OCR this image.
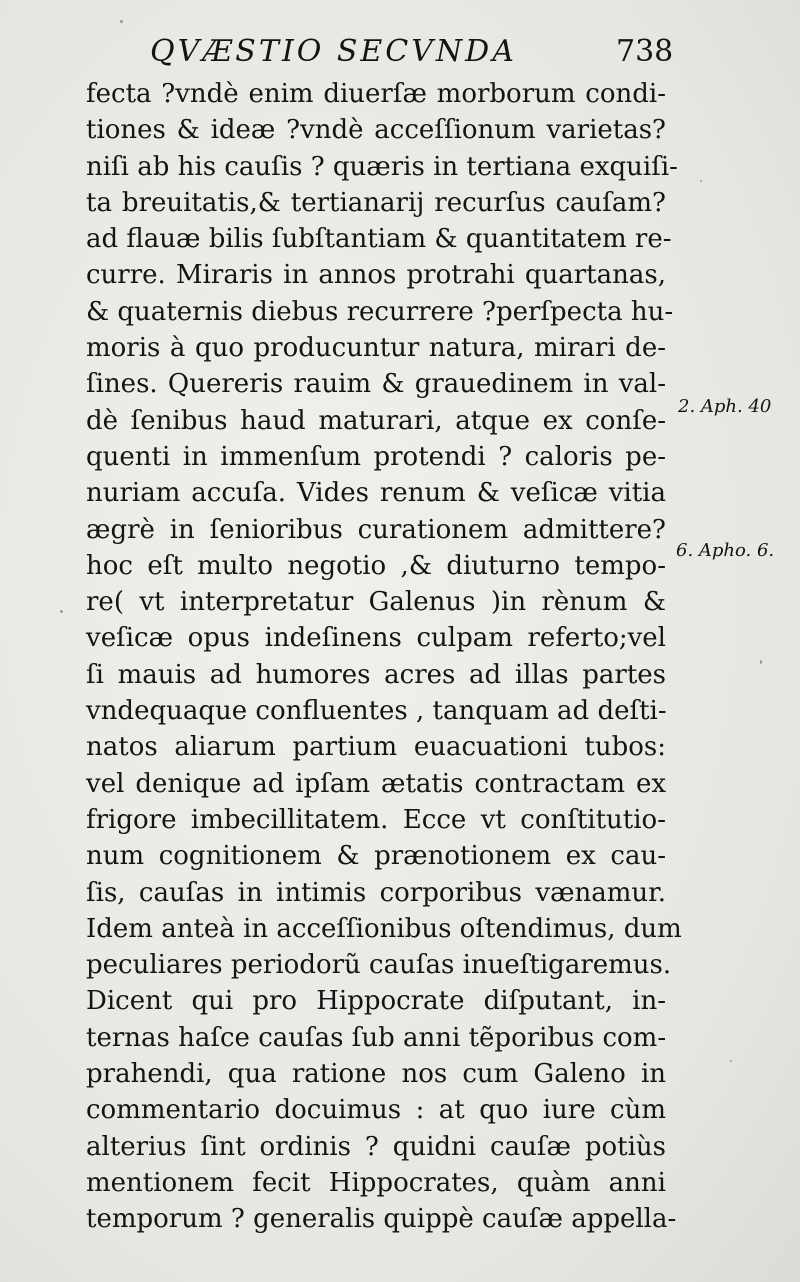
QVÆSTIO SECVNDA	738
fecta ?vndè enim diuerſæ morborum condi-
tiones & ideæ ?vndè acceſſionum varietas?
niſi ab his cauſis ? quæris in tertiana exquiſi-
ta breuitatis,& tertianarij recurſus cauſam?
ad flauæ bilis ſubſtantiam & quantitatem re-
curre. Miraris in annos protrahi quartanas,
& quaternis diebus recurrere ?perſpecta hu-
moris à quo producuntur natura, mirari de-
ſines. Quereris rauim & grauedinem in val-
dè ſenibus haud maturari, atque ex conſe-
quenti in immenſum protendi ? caloris pe-
nuriam accuſa. Vides renum & veſicæ vitia
ægrè in ſenioribus curationem admittere?
hoc eſt multo negotio ,& diuturno tempo-
re( vt interpretatur Galenus )in rènum &
veſicæ opus indeſinens culpam referto;vel
ſi mauis ad humores acres ad illas partes
vndequaque confluentes , tanquam ad deſti-
natos aliarum partium euacuationi tubos:
vel denique ad ipſam ætatis contractam ex
frigore imbecillitatem. Ecce vt conſtitutio-
num cognitionem & prænotionem ex cau-
ſis, cauſas in intimis corporibus vænamur.
Idem anteà in acceſſionibus oſtendimus, dum
peculiares periodorũ cauſas inueſtigaremus.
Dicent qui pro Hippocrate diſputant, in-
ternas haſce cauſas ſub anni tẽporibus com-
prahendi, qua ratione nos cum Galeno in
commentario docuimus : at quo iure cùm
alterius ſint ordinis ? quidni cauſæ potiùs
mentionem fecit Hippocrates, quàm anni
temporum ? generalis quippè cauſæ appella-
2. Aph. 40
6. Apho. 6.
